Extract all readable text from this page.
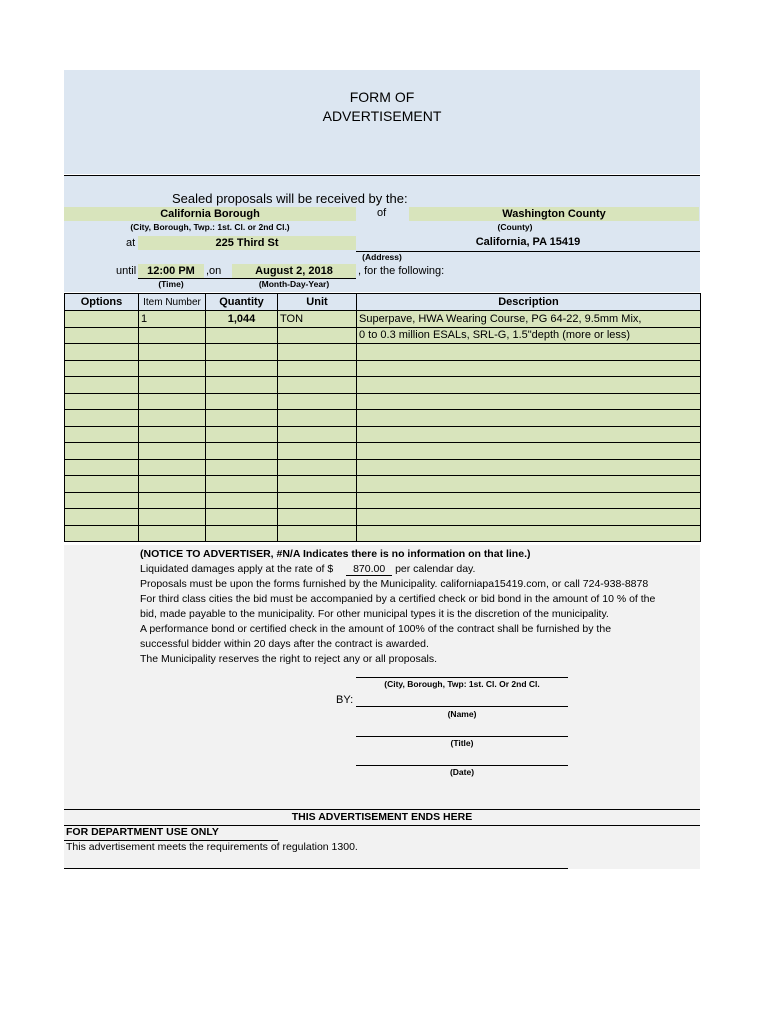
FORM OF
ADVERTISEMENT
Sealed proposals will be received by the:
California Borough	of	Washington County
(City, Borough, Twp.: 1st. Cl. or 2nd Cl.)	(County)
at	225 Third St	California, PA 15419
(Address)
until 12:00 PM	,on	August 2, 2018	, for the following:
(Time)	(Month-Day-Year)
Options	Item Number	Quantity	Unit	Description
	1	1,044	TON	Superpave, HWA Wearing Course, PG 64-22, 9.5mm Mix,
				0 to 0.3 million ESALs, SRL-G, 1.5"depth (more or less)

(NOTICE TO ADVERTISER, #N/A Indicates there is no information on that line.)
Liquidated damages apply at the rate of $ 870.00 per calendar day.
Proposals must be upon the forms furnished by the Municipality. californiapa15419.com, or call 724-938-8878
For third class cities the bid must be accompanied by a certified check or bid bond in the amount of 10 % of the
bid, made payable to the municipality. For other municipal types it is the discretion of the municipality.
A performance bond or certified check in the amount of 100% of the contract shall be furnished by the
successful bidder within 20 days after the contract is awarded.
The Municipality reserves the right to reject any or all proposals.
(City, Borough, Twp: 1st. Cl. Or 2nd Cl.
BY:
(Name)
(Title)
(Date)
THIS ADVERTISEMENT ENDS HERE
FOR DEPARTMENT USE ONLY
This advertisement meets the requirements of regulation 1300.
